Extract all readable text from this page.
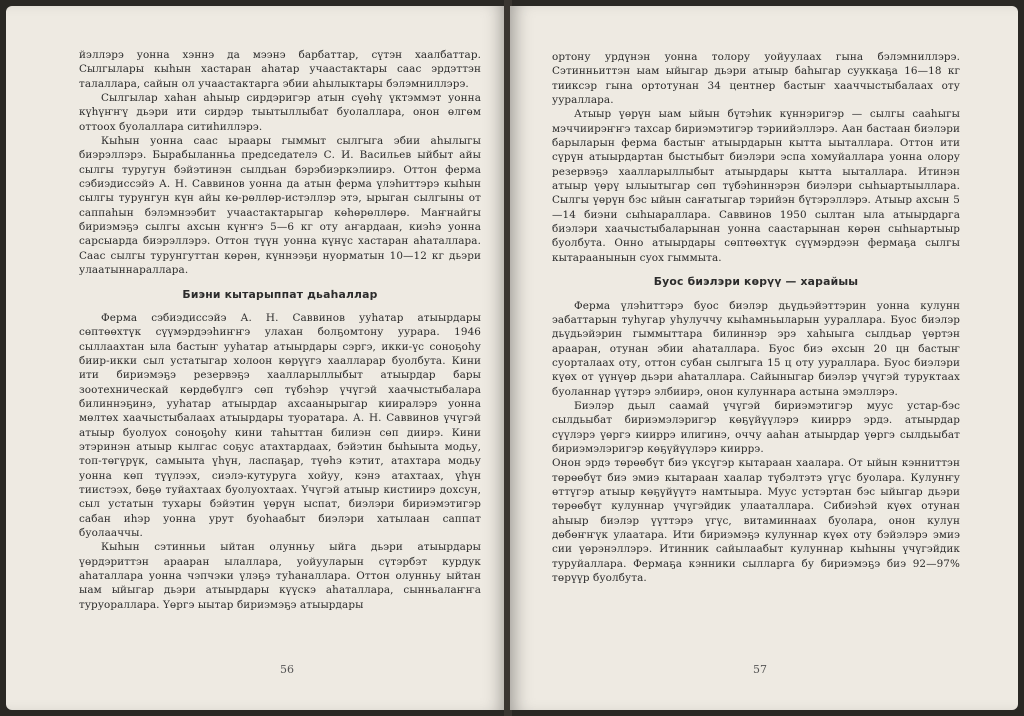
йэллэрэ уонна хэннэ да мээнэ барбаттар, сүтэн хаалбаттар. Сылгылары кыһын хастаран аһатар учаастактары саас эрдэттэн талаллара, сайын ол учаастактарга эбии аһылыктары бэлэмниллэрэ.

Сылгылар хаһан аһыыр сирдэригэр атын сүөһү үктэммэт уонна күһүҥҥү дьэри ити сирдэр тыытыллыбат буолаллара, онон өлгөм оттоох буолаллара ситиһиллэрэ.

Кыһын уонна саас ыраары гыммыт сылгыга эбии аһылыгы биэрэллэрэ. Бырабыланньа председателэ С. И. Васильев ыйбыт айы сылгы туругун бэйэтинэн сылдьан бэрэбиэркэлиирэ. Оттон ферма сэбиэдиссэйэ А. Н. Саввинов уонна да атын ферма үлэһиттэрэ кыһын сылгы турунгун күн айы кө-рөллөр-истэллэр этэ, ырыган сылгыны от саппаһын бэлэмнээбит учаастактарыгар көһөрөллөрө. Маҥнайгы бириэмэҕэ сылгы ахсын күҥҥэ 5—6 кг оту аҥардаан, киэһэ уонна сарсыарда биэрэллэрэ. Оттон түүн уонна күнүс хастаран аһаталлара. Саас сылгы турунгуттан көрөн, күннээҕи нуорматын 10—12 кг дьэри улаатыннараллара.

Биэни кытарыппат дьаһаллар

Ферма сэбиэдиссэйэ А. Н. Саввинов ууһатар атыырдары сөптөөхтүк сүүмэрдээһиҥҥэ улахан болҕомтону уурара. 1946 сыллаахтан ыла бастыҥ ууһатар атыырдары сэргэ, икки-үс соноҕоһу биир-икки сыл устатыгар холоон көрүүгэ хаалларар буолбута. Кини ити бириэмэҕэ резервэҕэ хаалларыллыбыт атыырдар бары зоотехническай көрдөбүлгэ сөп түбэһэр үчүгэй хаачыстыбалара билиннэҕинэ, ууһатар атыырдар ахсаанырыгар кииралэрэ уонна мөлтөх хаачыстыбалаах атыырдары туоратара. А. Н. Саввинов үчүгэй атыыр буолуох соноҕоһу кини таһыттан билиэн сөп диирэ. Кини этэринэн атыыр кылгас соҕус атахтардаах, бэйэтин быһыыта модьу, топ-төгүрүк, самыыта үһүн, ласпаҕар, түөһэ кэтит, атахтара модьу уонна көп түүлээх, сиэлэ-кутуруга хойуу, кэнэ атахтаах, үһүн тиистээх, бөҕө туйахтаах буолуохтаах. Үчүгэй атыыр кистиирэ дохсун, сыл устатын тухары бэйэтин үөрүн ыспат, биэлэри бириэмэтигэр сабан иһэр уонна урут буоһаабыт биэлэри хатылаан саппат буолааччы.

Кыһын сэтинньи ыйтан олунньу ыйга дьэри атыырдары үөрдэриттэн арааран ылаллара, уойууларын сүтэрбэт курдук аһаталлара уонна чэпчэки үлэҕэ туһаналлара. Оттон олунньу ыйтан ыам ыйыгар дьэри атыырдары күүскэ аһаталлара, сынньалаҥҥа туруораллара. Үөргэ ыытар бириэмэҕэ атыырдары

56

ортону урдүнэн уонна толору уойуулаах гына бэлэмниллэрэ. Сэтинньиттэн ыам ыйыгар дьэри атыыр баһыгар сууккаҕа 16—18 кг тииксэр гына ортотунан 34 центнер бастыҥ хааччыстыбалаах оту уураллара.

Атыыр үөрүн ыам ыйын бүтэһик күннэригэр — сылгы сааһыгы мэччиирэҥҥэ тахсар бириэмэтигэр тэриийэллэрэ. Аан бастаан биэлэри барыларын ферма бастыҥ атыырдарын кытта ыыталлара. Оттон ити сүрүн атыырдартан быстыбыт биэлэри эспа хомуйаллара уонна олору резервэҕэ хаалларыллыбыт атыырдары кытта ыыталлара. Итинэн атыыр үөрү ылыытыгар сөп түбэһиннэрэн биэлэри сыһыартыыллара. Сылгы үөрүн бэс ыйын саҥатыгар тэрийэн бүтэрэллэрэ. Атыыр ахсын 5—14 биэни сыһыараллара. Саввинов 1950 сылтан ыла атыырдарга биэлэри хаачыстыбаларынан уонна сааcтарынан көрөн сыһыартыыр буолбута. Онно атыырдары сөптөөхтүк сүүмэрдээн фермаҕа сылгы кытараанынын суох гыммыта.

Буос биэлэри көрүү — харайыы

Ферма үлэһиттэрэ буос биэлэр дьүдьэйэттэрин уонна кулунн эабаттарын туһугар уһулуччу кыһамньыларын уураллара. Буос биэлэр дьүдьэйэрин гыммыттара билиннэр эрэ хаһыыга сылдьар үөртэн арааран, отунан эбии аһаталлара. Буос биэ әхсын 20 цн бастыҥ суорталаах оту, оттон субан сылгыга 15 ц оту уураллара. Буос биэлэри күөх от үүнүөр дьэри аһаталлара. Сайыныгар биэлэр үчүгэй туруктаах буоланнар үүтэрэ элбиирэ, онон кулуннара астына эмэллэрэ.

Биэлэр дьыл саамай үчүгэй бириэмэтигэр муус устар-бэс сылдьыбат бириэмэлэригэр көҕүйүүлэрэ кииррэ эрдэ. атыырдар сүүлэрэ үөргэ кииррэ илигинэ, оччу ааһан атыырдар үөргэ сылдьыбат бириэмэлэригэр көҕүйүүлэрэ кииррэ.

Онон эрдэ төрөөбүт биэ үксүгэр кытараан хаалара. От ыйын кэнниттэн төрөөбүт биэ эмиэ кытараан хаалар түбэлтэтэ үгүс буолара. Кулунҥу өттүгэр атыыр көҕүйүүтэ намтыыра. Муус устэртан бэс ыйыгар дьэри төрөөбүт кулуннар үчүгэйдик улааталлара. Сибиэһэй күөх отунан аһыыр биэлэр үүттэрэ үгүс, витаминнаах буолара, онон кулун дөбөҥҥүк улаатара. Ити бириэмэҕэ кулуннар күөх оту бэйэлэрэ эмиэ сии үөрэнэллэрэ. Итинник сайылаабыт кулуннар кыһыны үчүгэйдик туруйаллара. Фермаҕа кэнники сылларга бу бириэмэҕэ биэ 92—97% төрүүр буолбута.

57
